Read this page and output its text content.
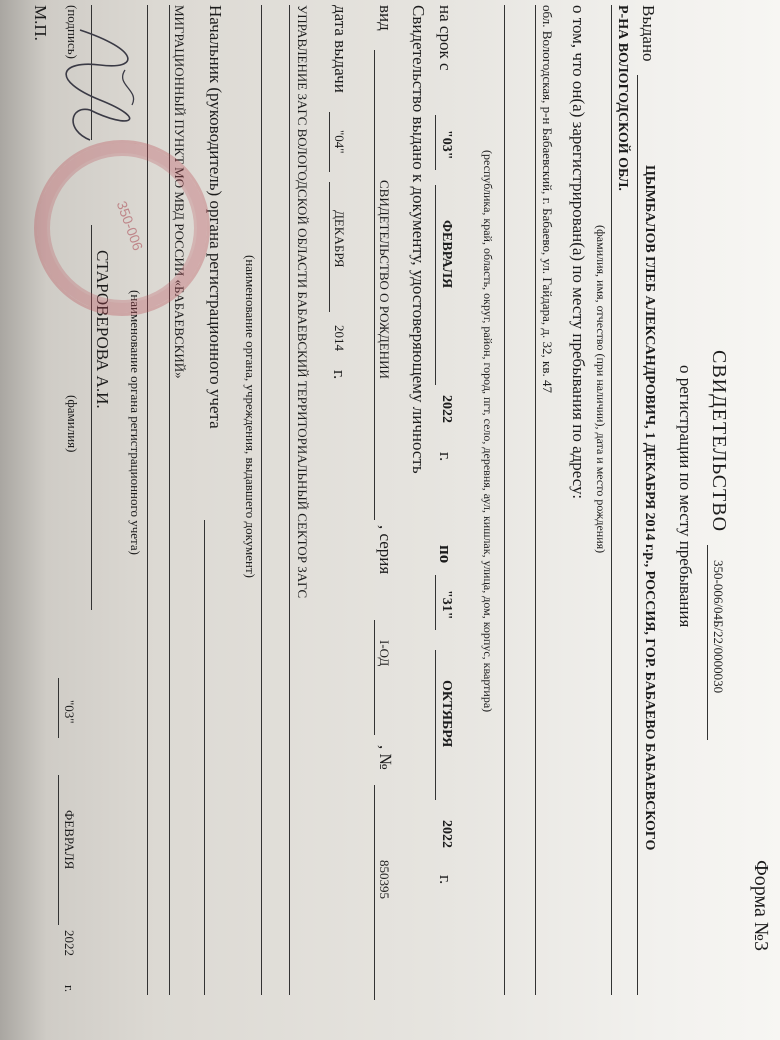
Форма №3
СВИДЕТЕЛЬСТВО
350-006/04Б/22/0000030
о регистрации по месту пребывания
Выдано
ЦЫМБАЛОВ ГЛЕБ АЛЕКСАНДРОВИЧ, 1 ДЕКАБРЯ 2014 г.р., РОССИЯ, ГОР. БАБАЕВО БАБАЕВСКОГО
Р-НА ВОЛОГОДСКОЙ ОБЛ.
(фамилия, имя, отчество (при наличии), дата и место рождения)
о том, что он(а) зарегистрирован(а) по месту пребывания по адресу:
обл. Вологодская, р-н Бабаевский, г. Бабаево, ул. Гайдара, д. 32, кв. 47
(республика, край, область, округ, район, город, пгт, село, деревня, аул, кишлак, улица, дом, корпус, квартира)
на срок с
"03"
ФЕВРАЛЯ
2022
г.
по
"31"
ОКТЯБРЯ
2022
г.
Свидетельство выдано к документу, удостоверяющему личность
вид
СВИДЕТЕЛЬСТВО О РОЖДЕНИИ
, серия
I-ОД
, №
850395
дата выдачи
"04"
ДЕКАБРЯ
2014
г.
УПРАВЛЕНИЕ ЗАГС ВОЛОГОДСКОЙ ОБЛАСТИ БАБАЕВСКИЙ ТЕРРИТОРИАЛЬНЫЙ СЕКТОР ЗАГС
(наименование органа, учреждения, выдавшего документ)
Начальник (руководитель) органа регистрационного учета
МИГРАЦИОННЫЙ ПУНКТ МО МВД РОССИИ «БАБАЕВСКИЙ»
(наименование органа регистрационного учета)
СТАРОВЕРОВА А.И.
(подпись)
(фамилия)
"03"
ФЕВРАЛЯ
2022
г.
М.П.
350-006
